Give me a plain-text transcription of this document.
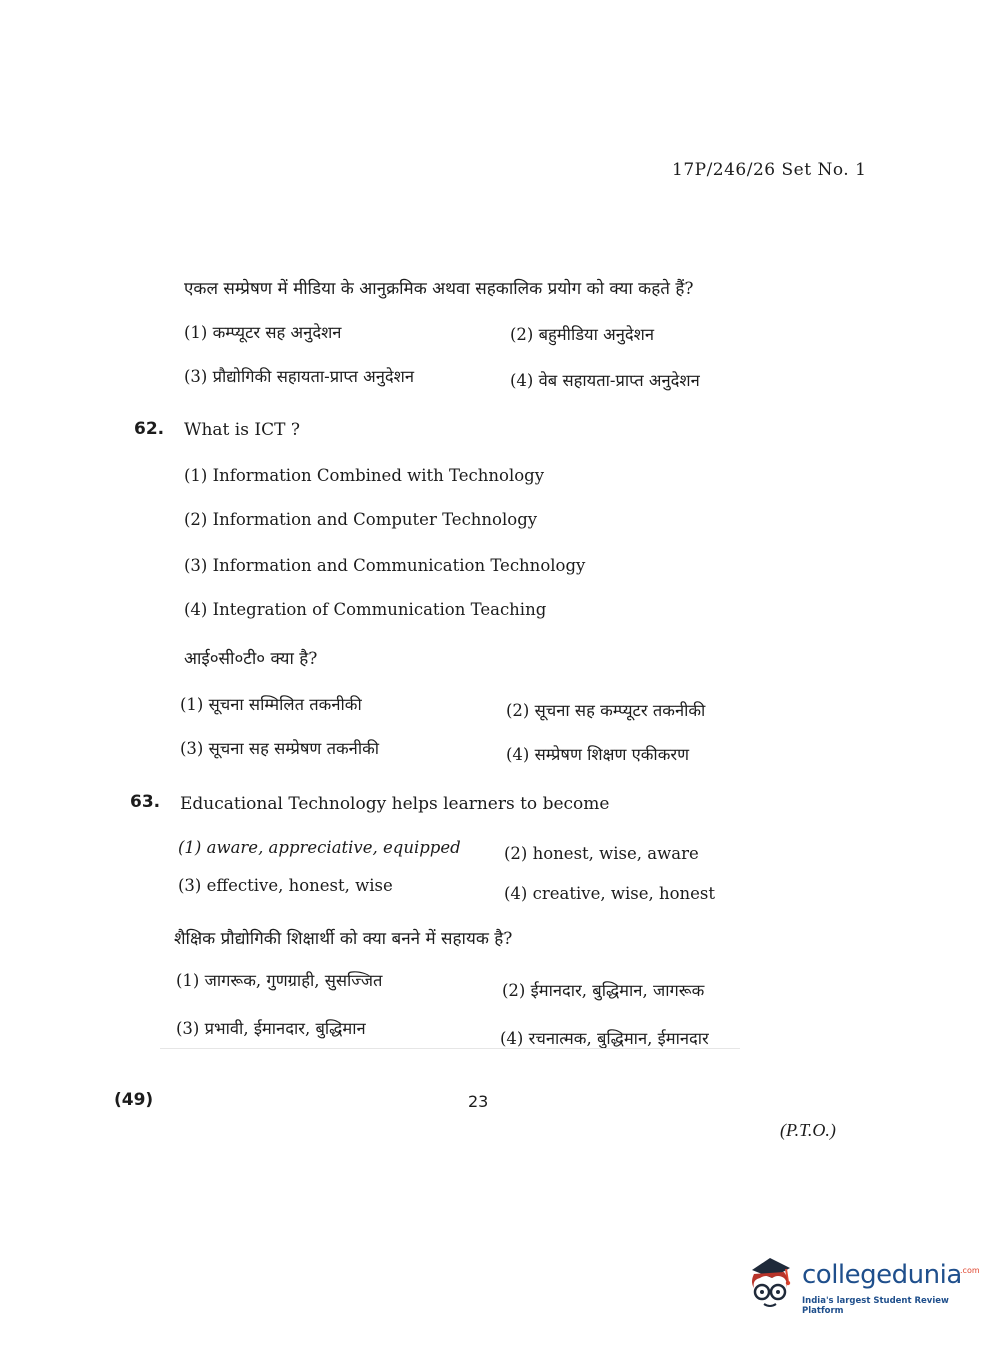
17P/246/26 Set No. 1
एकल सम्प्रेषण में मीडिया के आनुक्रमिक अथवा सहकालिक प्रयोग को क्या कहते हैं?
(1) कम्प्यूटर सह अनुदेशन	(2) बहुमीडिया अनुदेशन
(3) प्रौद्योगिकी सहायता-प्राप्त अनुदेशन	(4) वेब सहायता-प्राप्त अनुदेशन
62. What is ICT ?
(1) Information Combined with Technology
(2) Information and Computer Technology
(3) Information and Communication Technology
(4) Integration of Communication Teaching
आई०सी०टी० क्या है?
(1) सूचना सम्मिलित तकनीकी	(2) सूचना सह कम्प्यूटर तकनीकी
(3) सूचना सह सम्प्रेषण तकनीकी	(4) सम्प्रेषण शिक्षण एकीकरण
63. Educational Technology helps learners to become
(1) aware, appreciative, equipped	(2) honest, wise, aware
(3) effective, honest, wise	(4) creative, wise, honest
शैक्षिक प्रौद्योगिकी शिक्षार्थी को क्या बनने में सहायक है?
(1) जागरूक, गुणग्राही, सुसज्जित
(2) ईमानदार, बुद्धिमान, जागरूक
(3) प्रभावी, ईमानदार, बुद्धिमान
(4) रचनात्मक, बुद्धिमान, ईमानदार
(49)	23
(P.T.O.)
collegedunia
.com
India's largest Student Review Platform
